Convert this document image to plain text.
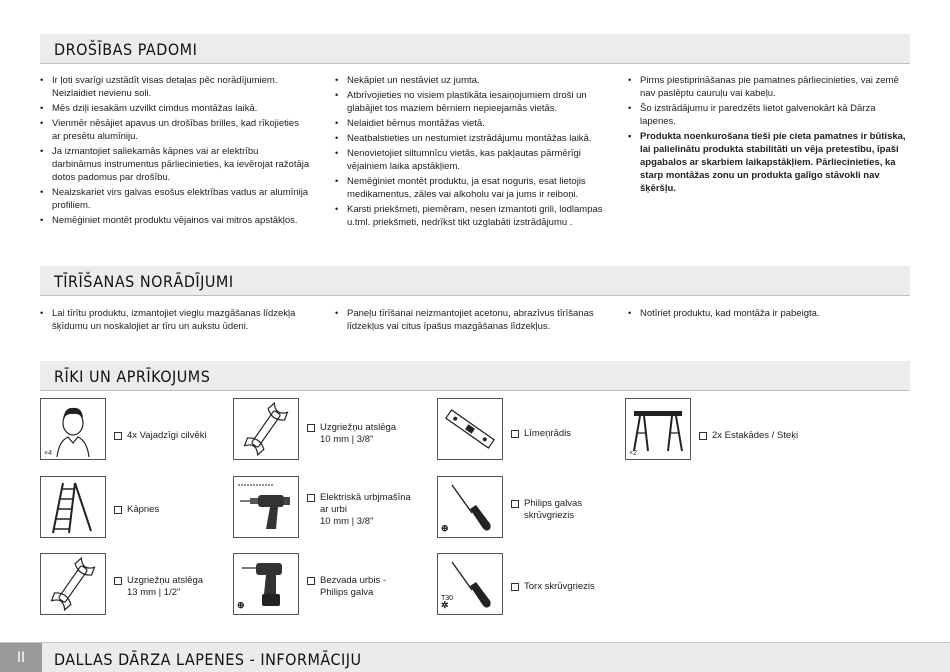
DROŠĪBAS PADOMI
• Ir ļoti svarīgi uzstādīt visas detaļas pēc norādījumiem. Neizlaidiet nevienu soli.
• Mēs dziļi iesakām uzvilkt cimdus montāžas laikā.
• Vienmēr nēsājiet apavus un drošības brilles, kad rīkojieties ar presētu alumīniju.
• Ja izmantojiet saliekamās kāpnes vai ar elektrību darbināmus instrumentus pārliecinieties, ka ievērojat ražotāja dotos padomus par drošību.
• Neaizskariet virs galvas esošus elektrības vadus ar alumīnija profiliem.
• Nemēģiniet montēt produktu vējainos vai mitros apstākļos.
• Nekāpiet un nestāviet uz jumta.
• Atbrīvojieties no visiem plastikāta iesaiņojumiem droši un glabājiet tos maziem bērniem nepieejamās vietās.
• Nelaidiet bērnus montāžas vietā.
• Neatbalstieties un nestumiet izstrādājumu montāžas laikā.
• Nenovietojiet siltumnīcu vietās, kas pakļautas pārmērīgi vējainiem laika apstākļiem.
• Nemēģiniet montēt produktu, ja esat noguris, esat lietojis medikamentus, zāles vai alkoholu vai ja jums ir reiboņi.
• Karsti priekšmeti, piemēram, nesen izmantoti grili, lodlampas u.tml. priekšmeti, nedrīkst tikt uzglabāti izstrādājumu .
• Pirms piestiprināšanas pie pamatnes pārliecinieties, vai zemē nav paslēptu cauruļu vai kabeļu.
• Šo izstrādājumu ir paredzēts lietot galvenokārt kā Dārza lapenes.
• Produkta noenkurošana tieši pie cieta pamatnes ir būtiska, lai palielinātu produkta stabilitāti un vēja pretestību, īpaši apgabalos ar skarbiem laikapstākļiem. Pārliecinieties, ka starp montāžas zonu un produkta galīgo stāvokli nav šķēršļu.
TĪRĪŠANAS NORĀDĪJUMI
• Lai tīrītu produktu, izmantojiet vieglu mazgāšanas līdzekļa šķīdumu un noskalojiet ar tīru un aukstu ūdeni.
• Paneļu tīrīšanai neizmantojiet acetonu, abrazīvus tīrīšanas līdzekļus vai citus īpašus mazgāšanas līdzekļus.
• Notīriet produktu, kad montāža ir pabeigta.
RĪKI UN APRĪKOJUMS
×4
4x Vajadzīgi cilvēki
Uzgriežņu atslēga
10 mm | 3/8"
Līmeņrādis
×2
2x Estakādes / Steķi
Kāpnes
Elektriskā urbjmašīna
ar urbi
10 mm | 3/8"
⊕
Philips galvas
skrūvgriezis
Uzgriežņu atslēga
13 mm | 1/2"
⊕
Bezvada urbis -
Philips galva
T30
✲
Torx skrūvgriezis
II	DALLAS DĀRZA LAPENES - INFORMĀCIJU
